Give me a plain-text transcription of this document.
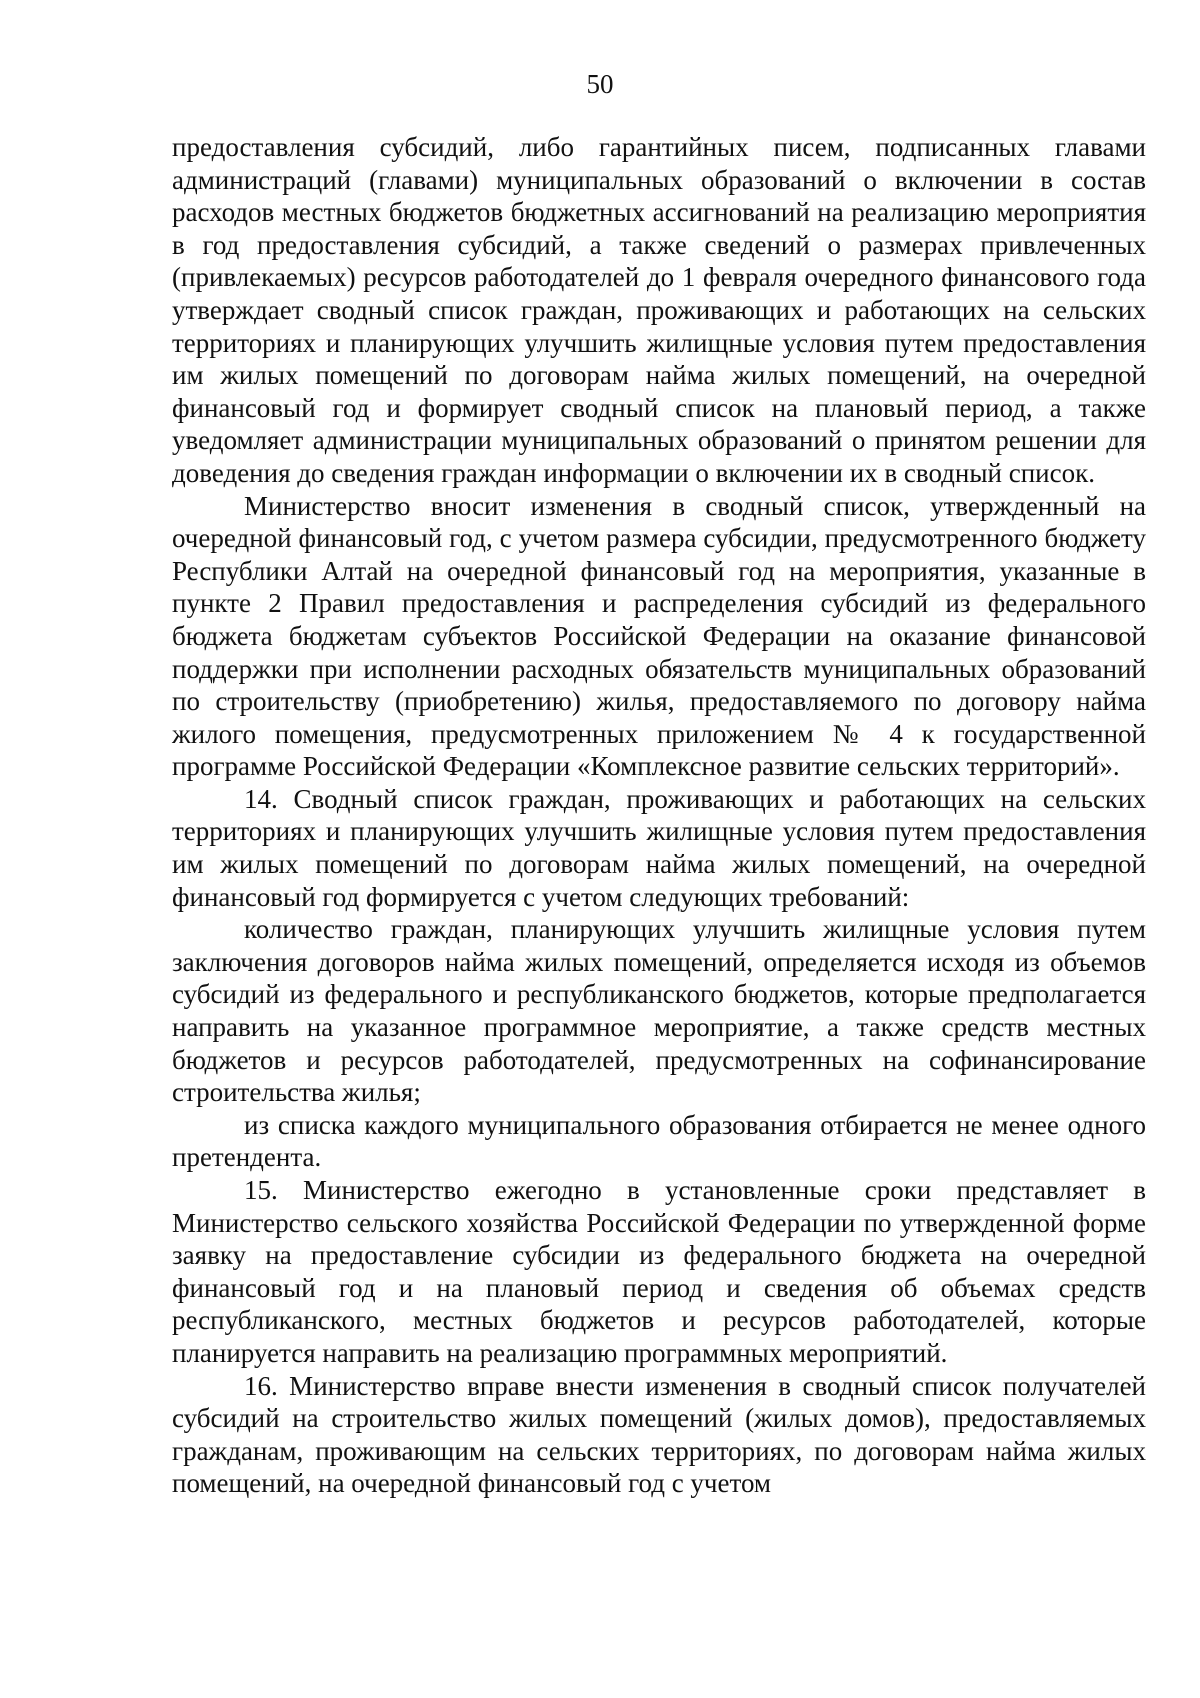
50

предоставления субсидий, либо гарантийных писем, подписанных главами администраций (главами) муниципальных образований о включении в состав расходов местных бюджетов бюджетных ассигнований на реализацию мероприятия в год предоставления субсидий, а также сведений о размерах привлеченных (привлекаемых) ресурсов работодателей до 1 февраля очередного финансового года утверждает сводный список граждан, проживающих и работающих на сельских территориях и планирующих улучшить жилищные условия путем предоставления им жилых помещений по договорам найма жилых помещений, на очередной финансовый год и формирует сводный список на плановый период, а также уведомляет администрации муниципальных образований о принятом решении для доведения до сведения граждан информации о включении их в сводный список.

Министерство вносит изменения в сводный список, утвержденный на очередной финансовый год, с учетом размера субсидии, предусмотренного бюджету Республики Алтай на очередной финансовый год на мероприятия, указанные в пункте 2 Правил предоставления и распределения субсидий из федерального бюджета бюджетам субъектов Российской Федерации на оказание финансовой поддержки при исполнении расходных обязательств муниципальных образований по строительству (приобретению) жилья, предоставляемого по договору найма жилого помещения, предусмотренных приложением № 4 к государственной программе Российской Федерации «Комплексное развитие сельских территорий».

14. Сводный список граждан, проживающих и работающих на сельских территориях и планирующих улучшить жилищные условия путем предоставления им жилых помещений по договорам найма жилых помещений, на очередной финансовый год формируется с учетом следующих требований:

количество граждан, планирующих улучшить жилищные условия путем заключения договоров найма жилых помещений, определяется исходя из объемов субсидий из федерального и республиканского бюджетов, которые предполагается направить на указанное программное мероприятие, а также средств местных бюджетов и ресурсов работодателей, предусмотренных на софинансирование строительства жилья;

из списка каждого муниципального образования отбирается не менее одного претендента.

15. Министерство ежегодно в установленные сроки представляет в Министерство сельского хозяйства Российской Федерации по утвержденной форме заявку на предоставление субсидии из федерального бюджета на очередной финансовый год и на плановый период и сведения об объемах средств республиканского, местных бюджетов и ресурсов работодателей, которые планируется направить на реализацию программных мероприятий.

16. Министерство вправе внести изменения в сводный список получателей субсидий на строительство жилых помещений (жилых домов), предоставляемых гражданам, проживающим на сельских территориях, по договорам найма жилых помещений, на очередной финансовый год с учетом
